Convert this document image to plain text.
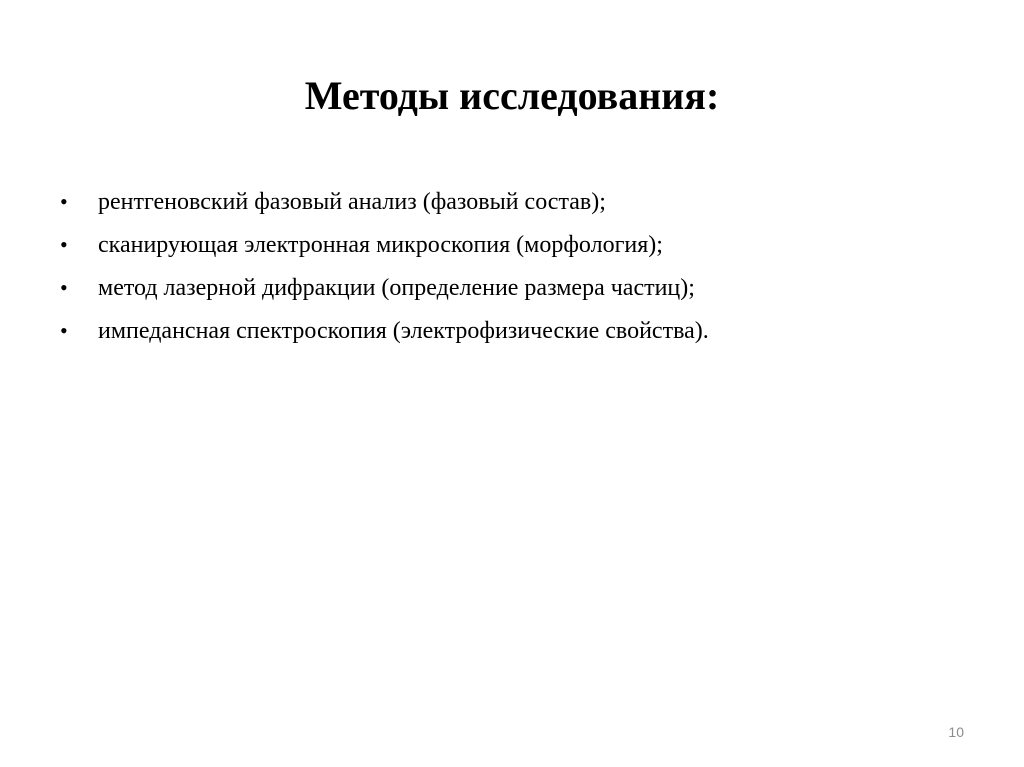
Методы исследования:
•	рентгеновский фазовый анализ (фазовый состав);
•	сканирующая электронная микроскопия (морфология);
•	метод лазерной дифракции (определение размера частиц);
•	импедансная спектроскопия (электрофизические свойства).
10
